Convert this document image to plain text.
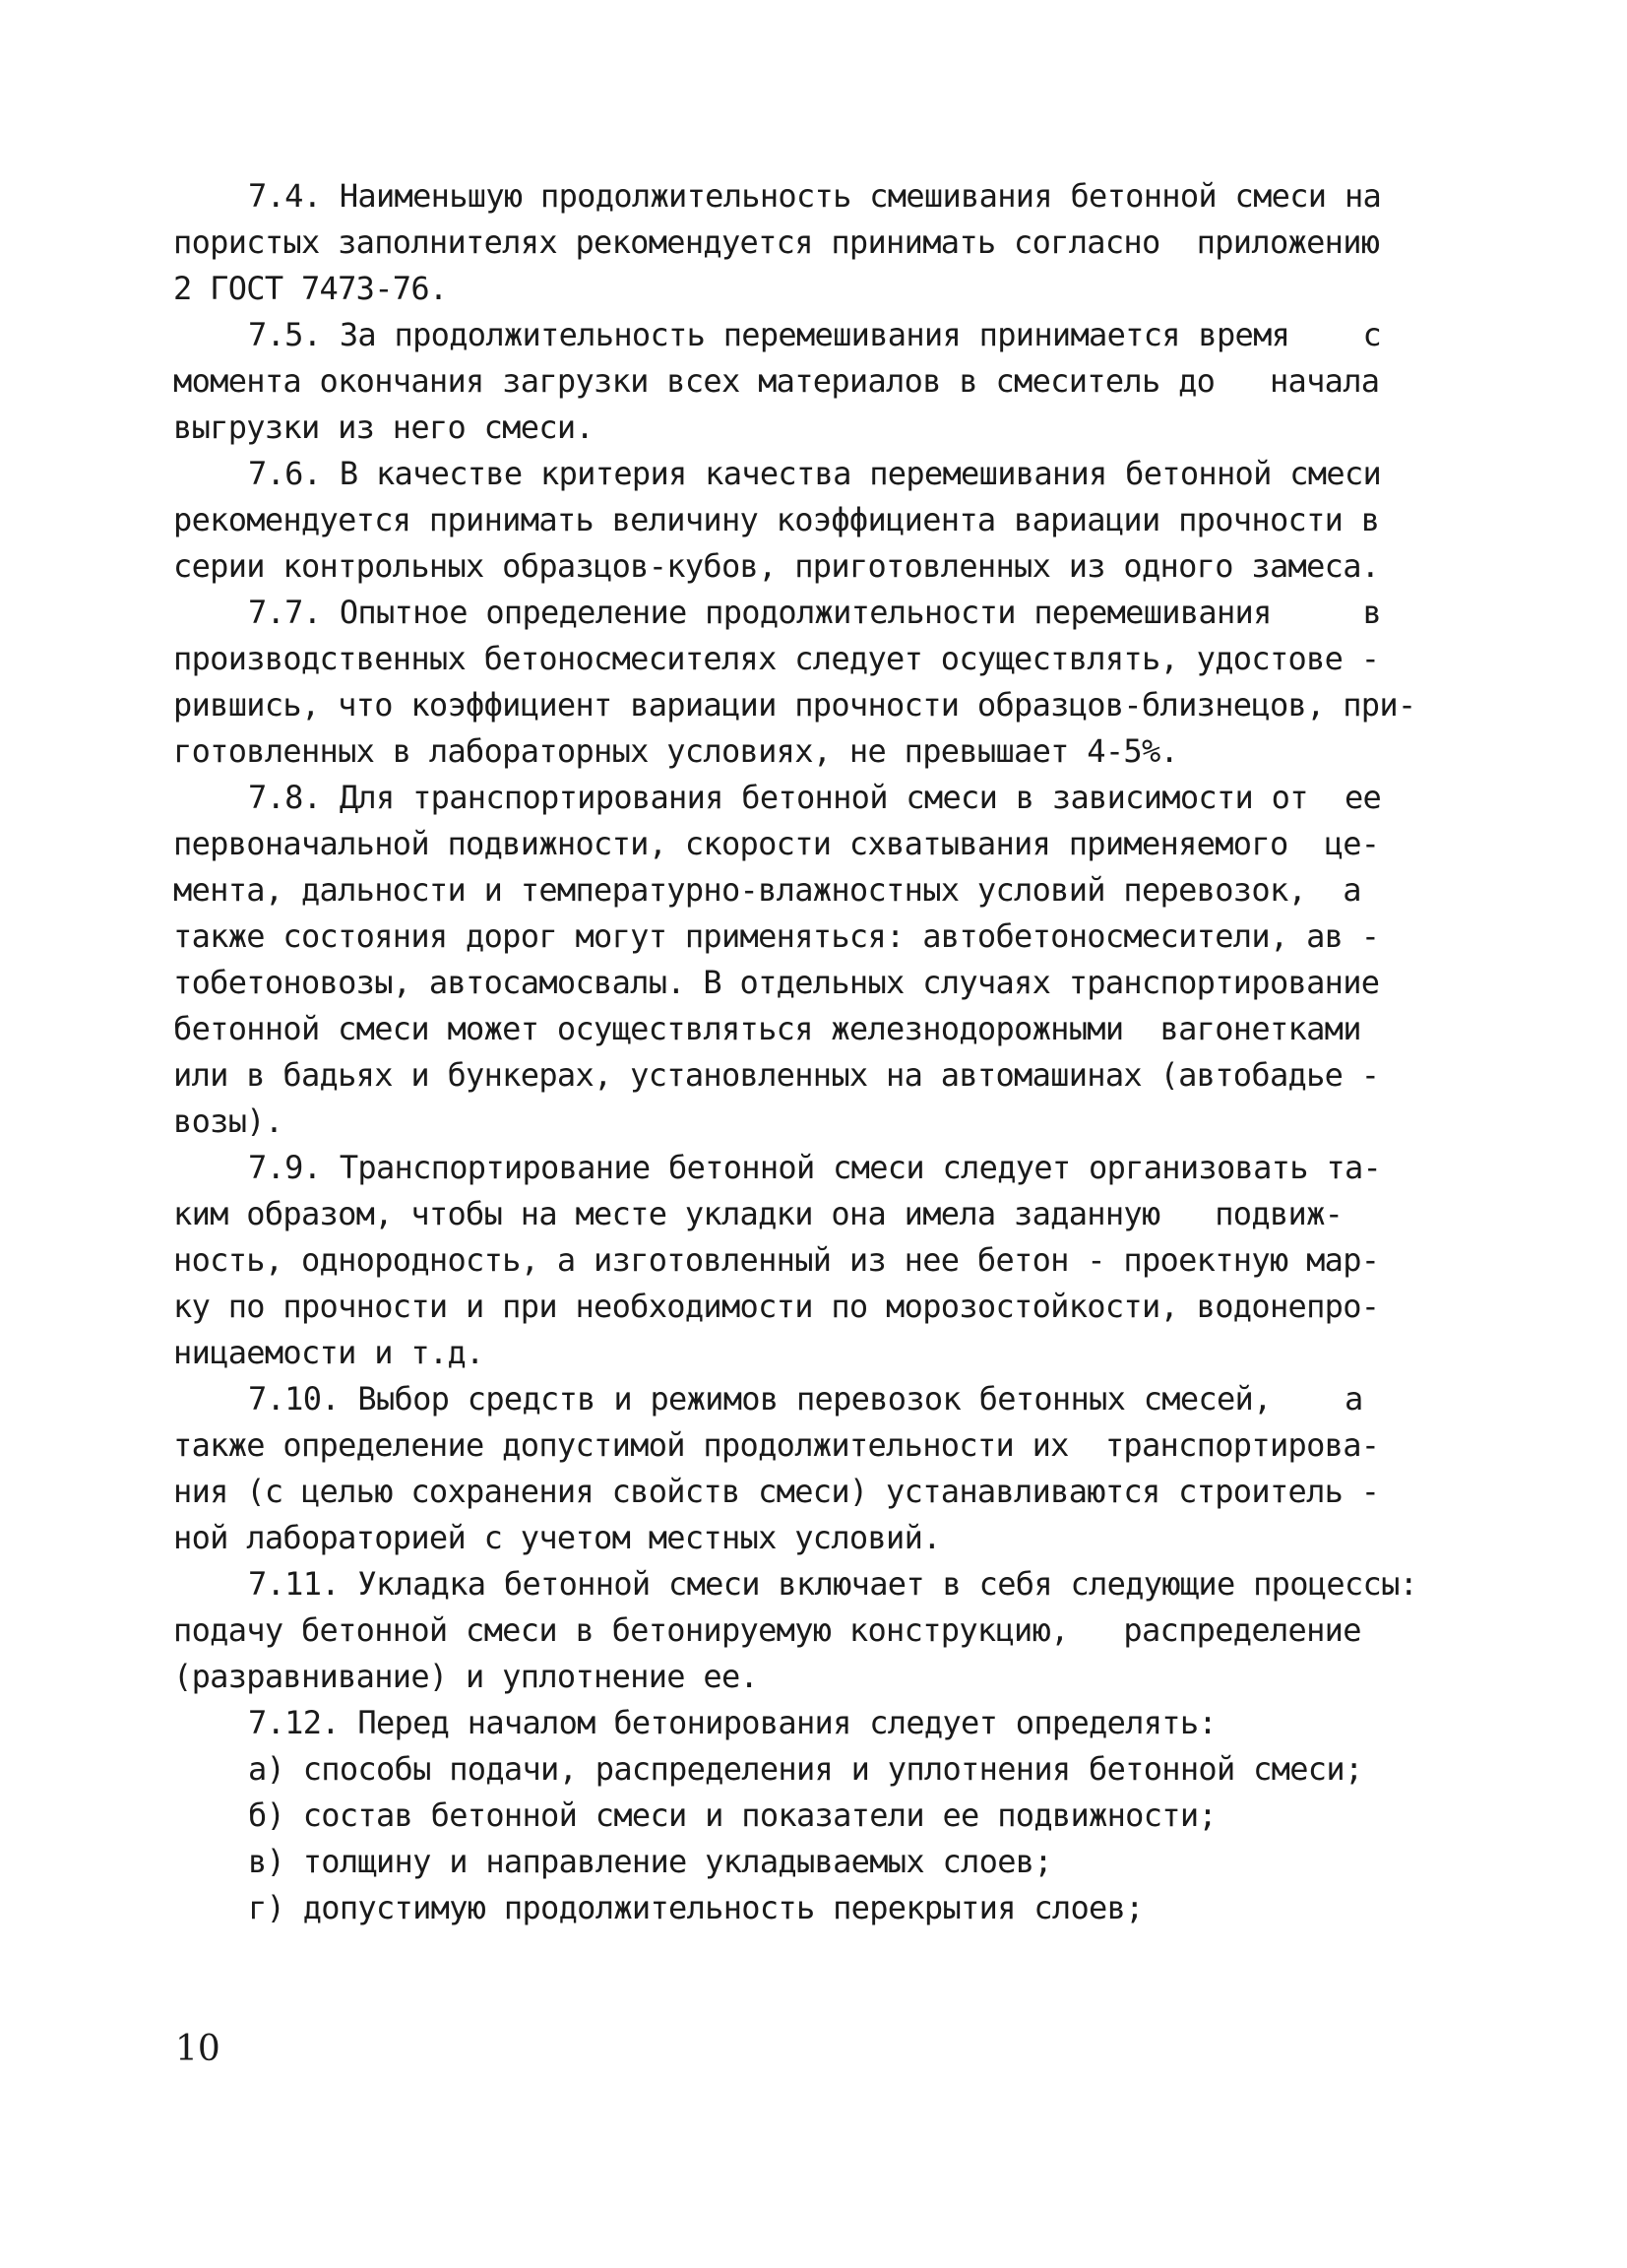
7.4. Наименьшую продолжительность смешивания бетонной смеси на
пористых заполнителях рекомендуется принимать согласно  приложению
2 ГОСТ 7473-76.
7.5. За продолжительность перемешивания принимается время    с
момента окончания загрузки всех материалов в смеситель до   начала
выгрузки из него смеси.
7.6. В качестве критерия качества перемешивания бетонной смеси
рекомендуется принимать величину коэффициента вариации прочности в
серии контрольных образцов-кубов, приготовленных из одного замеса.
7.7. Опытное определение продолжительности перемешивания     в
производственных бетоносмесителях следует осуществлять, удостове -
рившись, что коэффициент вариации прочности образцов-близнецов, при-
готовленных в лабораторных условиях, не превышает 4-5%.
7.8. Для транспортирования бетонной смеси в зависимости от  ее
первоначальной подвижности, скорости схватывания применяемого  це-
мента, дальности и температурно-влажностных условий перевозок,  а
также состояния дорог могут применяться: автобетоносмесители, ав -
тобетоновозы, автосамосвалы. В отдельных случаях транспортирование
бетонной смеси может осуществляться железнодорожными  вагонетками
или в бадьях и бункерах, установленных на автомашинах (автобадье -
возы).
7.9. Транспортирование бетонной смеси следует организовать та-
ким образом, чтобы на месте укладки она имела заданную   подвиж-
ность, однородность, а изготовленный из нее бетон - проектную мар-
ку по прочности и при необходимости по морозостойкости, водонепро-
ницаемости и т.д.
7.10. Выбор средств и режимов перевозок бетонных смесей,    а
также определение допустимой продолжительности их  транспортирова-
ния (с целью сохранения свойств смеси) устанавливаются строитель -
ной лабораторией с учетом местных условий.
7.11. Укладка бетонной смеси включает в себя следующие процессы:
подачу бетонной смеси в бетонируемую конструкцию,   распределение
(разравнивание) и уплотнение ее.
7.12. Перед началом бетонирования следует определять:
а) способы подачи, распределения и уплотнения бетонной смеси;
б) состав бетонной смеси и показатели ее подвижности;
в) толщину и направление укладываемых слоев;
г) допустимую продолжительность перекрытия слоев;
10
